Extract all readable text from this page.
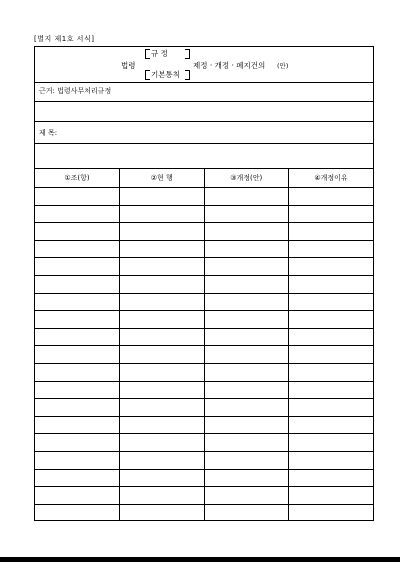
[별지 제1호 서식]
법령
규 정
기본통칙
제정 · 개정 · 폐지건의 (안)
근거: 법령사무처리규정
제 목:
①조(항)	②현 행	③개정(안)	④개정이유
